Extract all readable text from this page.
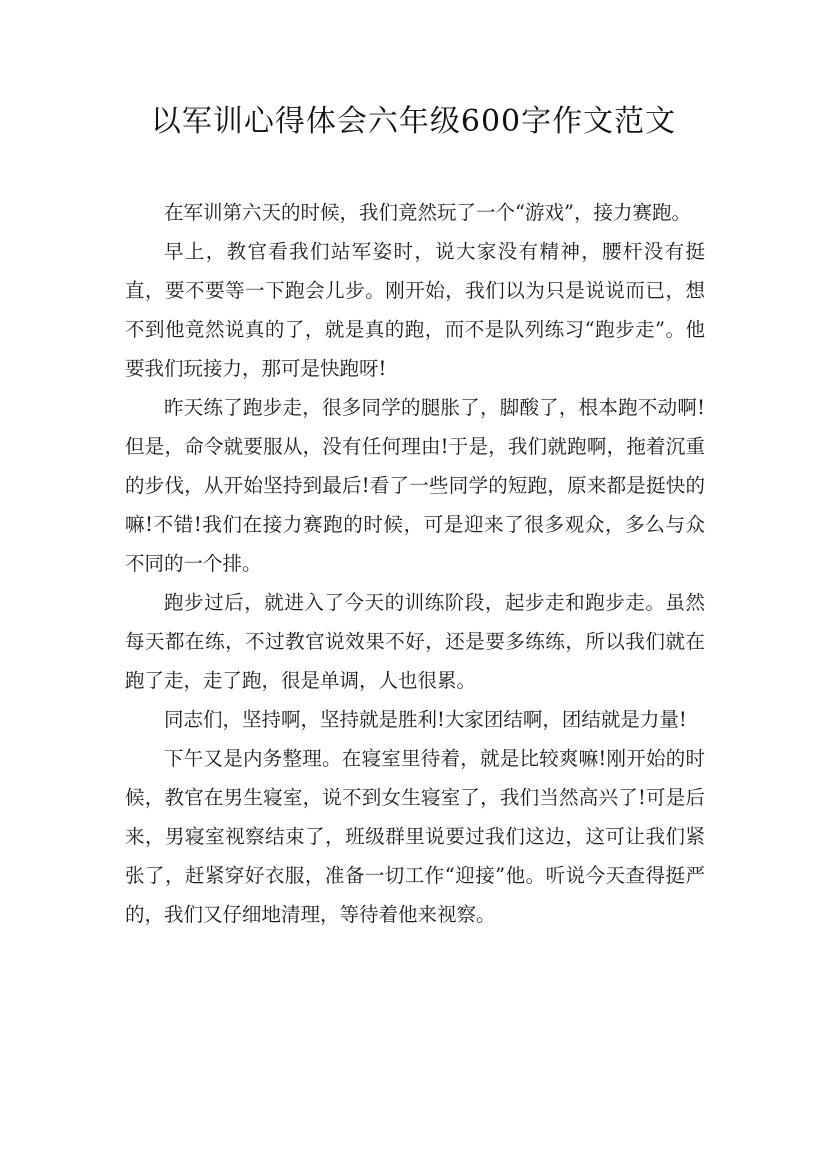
以军训心得体会六年级600字作文范文

在军训第六天的时候，我们竟然玩了一个“游戏”，接力赛跑。

早上，教官看我们站军姿时，说大家没有精神，腰杆没有挺直，要不要等一下跑会儿步。刚开始，我们以为只是说说而已，想不到他竟然说真的了，就是真的跑，而不是队列练习“跑步走”。他要我们玩接力，那可是快跑呀!

昨天练了跑步走，很多同学的腿胀了，脚酸了，根本跑不动啊!但是，命令就要服从，没有任何理由!于是，我们就跑啊，拖着沉重的步伐，从开始坚持到最后!看了一些同学的短跑，原来都是挺快的嘛!不错!我们在接力赛跑的时候，可是迎来了很多观众，多么与众不同的一个排。

跑步过后，就进入了今天的训练阶段，起步走和跑步走。虽然每天都在练，不过教官说效果不好，还是要多练练，所以我们就在跑了走，走了跑，很是单调，人也很累。

同志们，坚持啊，坚持就是胜利!大家团结啊，团结就是力量!

下午又是内务整理。在寝室里待着，就是比较爽嘛!刚开始的时候，教官在男生寝室，说不到女生寝室了，我们当然高兴了!可是后来，男寝室视察结束了，班级群里说要过我们这边，这可让我们紧张了，赶紧穿好衣服，准备一切工作“迎接”他。听说今天查得挺严的，我们又仔细地清理，等待着他来视察。
